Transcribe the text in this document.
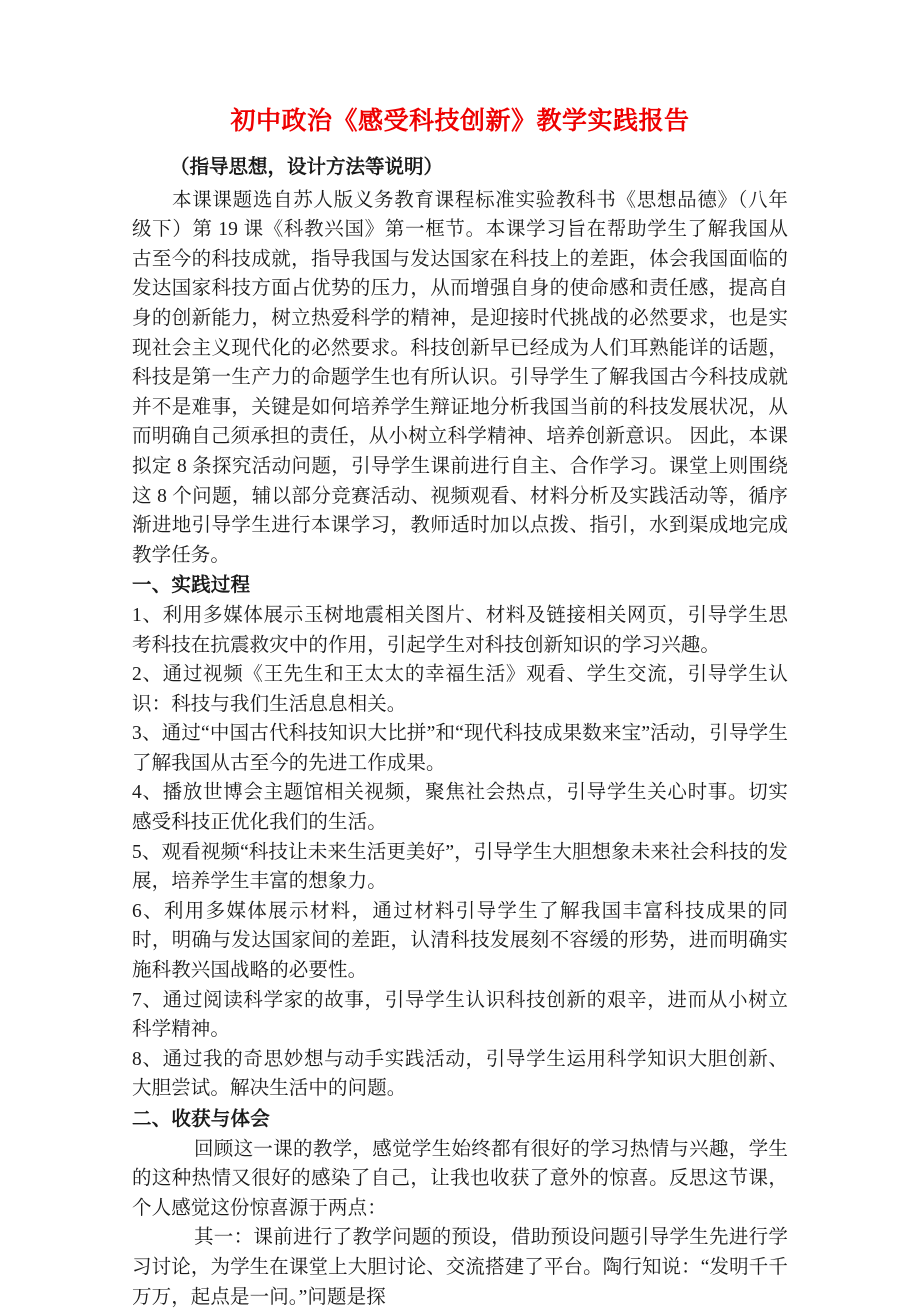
初中政治《感受科技创新》教学实践报告

（指导思想，设计方法等说明）

本课课题选自苏人版义务教育课程标准实验教科书《思想品德》（八年级下）第 19 课《科教兴国》第一框节。本课学习旨在帮助学生了解我国从古至今的科技成就，指导我国与发达国家在科技上的差距，体会我国面临的发达国家科技方面占优势的压力，从而增强自身的使命感和责任感，提高自身的创新能力，树立热爱科学的精神，是迎接时代挑战的必然要求，也是实现社会主义现代化的必然要求。科技创新早已经成为人们耳熟能详的话题，科技是第一生产力的命题学生也有所认识。引导学生了解我国古今科技成就并不是难事，关键是如何培养学生辩证地分析我国当前的科技发展状况，从而明确自己须承担的责任，从小树立科学精神、培养创新意识。 因此，本课拟定 8 条探究活动问题，引导学生课前进行自主、合作学习。课堂上则围绕这 8 个问题，辅以部分竞赛活动、视频观看、材料分析及实践活动等，循序渐进地引导学生进行本课学习，教师适时加以点拨、指引，水到渠成地完成教学任务。

一、实践过程

1、利用多媒体展示玉树地震相关图片、材料及链接相关网页，引导学生思考科技在抗震救灾中的作用，引起学生对科技创新知识的学习兴趣。

2、通过视频《王先生和王太太的幸福生活》观看、学生交流，引导学生认识：科技与我们生活息息相关。

3、通过“中国古代科技知识大比拼”和“现代科技成果数来宝”活动，引导学生了解我国从古至今的先进工作成果。

4、播放世博会主题馆相关视频，聚焦社会热点，引导学生关心时事。切实感受科技正优化我们的生活。

5、观看视频“科技让未来生活更美好”，引导学生大胆想象未来社会科技的发展，培养学生丰富的想象力。

6、利用多媒体展示材料，通过材料引导学生了解我国丰富科技成果的同时，明确与发达国家间的差距，认清科技发展刻不容缓的形势，进而明确实施科教兴国战略的必要性。

7、通过阅读科学家的故事，引导学生认识科技创新的艰辛，进而从小树立科学精神。

8、通过我的奇思妙想与动手实践活动，引导学生运用科学知识大胆创新、大胆尝试。解决生活中的问题。

二、收获与体会

回顾这一课的教学，感觉学生始终都有很好的学习热情与兴趣，学生的这种热情又很好的感染了自己，让我也收获了意外的惊喜。反思这节课，个人感觉这份惊喜源于两点：

其一：课前进行了教学问题的预设，借助预设问题引导学生先进行学习讨论，为学生在课堂上大胆讨论、交流搭建了平台。陶行知说：“发明千千万万，起点是一问。”问题是探
